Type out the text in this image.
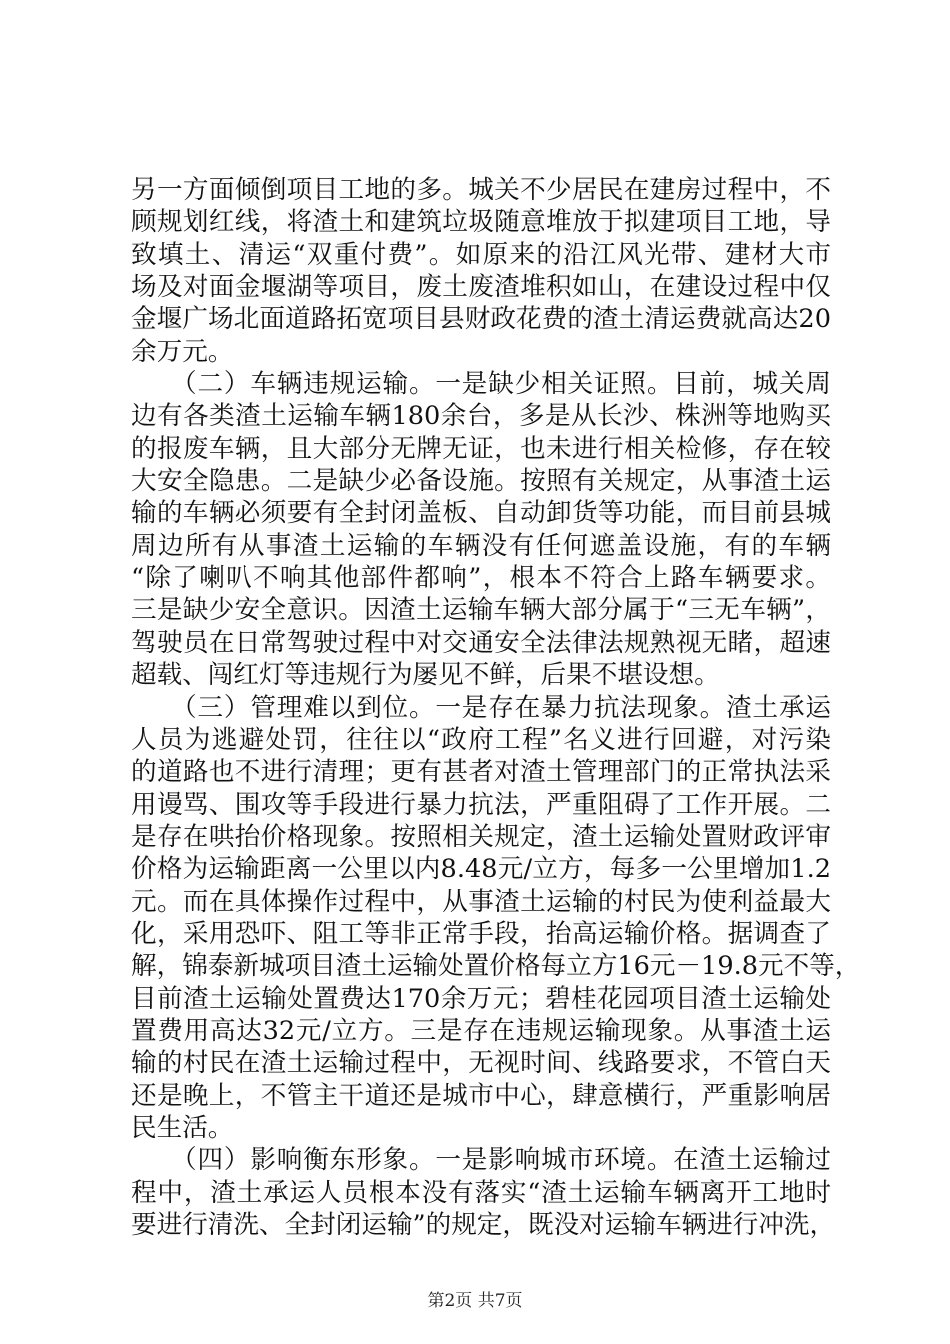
另一方面倾倒项目工地的多。城关不少居民在建房过程中，不
顾规划红线，将渣土和建筑垃圾随意堆放于拟建项目工地，导
致填土、清运“双重付费”。如原来的沿江风光带、建材大市
场及对面金堰湖等项目，废土废渣堆积如山，在建设过程中仅
金堰广场北面道路拓宽项目县财政花费的渣土清运费就高达20
余万元。
　　（二）车辆违规运输。一是缺少相关证照。目前，城关周
边有各类渣土运输车辆180余台，多是从长沙、株洲等地购买
的报废车辆，且大部分无牌无证，也未进行相关检修，存在较
大安全隐患。二是缺少必备设施。按照有关规定，从事渣土运
输的车辆必须要有全封闭盖板、自动卸货等功能，而目前县城
周边所有从事渣土运输的车辆没有任何遮盖设施，有的车辆
“除了喇叭不响其他部件都响”，根本不符合上路车辆要求。
三是缺少安全意识。因渣土运输车辆大部分属于“三无车辆”，
驾驶员在日常驾驶过程中对交通安全法律法规熟视无睹，超速
超载、闯红灯等违规行为屡见不鲜，后果不堪设想。
　　（三）管理难以到位。一是存在暴力抗法现象。渣土承运
人员为逃避处罚，往往以“政府工程”名义进行回避，对污染
的道路也不进行清理；更有甚者对渣土管理部门的正常执法采
用谩骂、围攻等手段进行暴力抗法，严重阻碍了工作开展。二
是存在哄抬价格现象。按照相关规定，渣土运输处置财政评审
价格为运输距离一公里以内8.48元/立方，每多一公里增加1.2
元。而在具体操作过程中，从事渣土运输的村民为使利益最大
化，采用恐吓、阻工等非正常手段，抬高运输价格。据调查了
解，锦泰新城项目渣土运输处置价格每立方16元－19.8元不等，
目前渣土运输处置费达170余万元；碧桂花园项目渣土运输处
置费用高达32元/立方。三是存在违规运输现象。从事渣土运
输的村民在渣土运输过程中，无视时间、线路要求，不管白天
还是晚上，不管主干道还是城市中心，肆意横行，严重影响居
民生活。
　　（四）影响衡东形象。一是影响城市环境。在渣土运输过
程中，渣土承运人员根本没有落实“渣土运输车辆离开工地时
要进行清洗、全封闭运输”的规定，既没对运输车辆进行冲洗，
第2页 共7页
